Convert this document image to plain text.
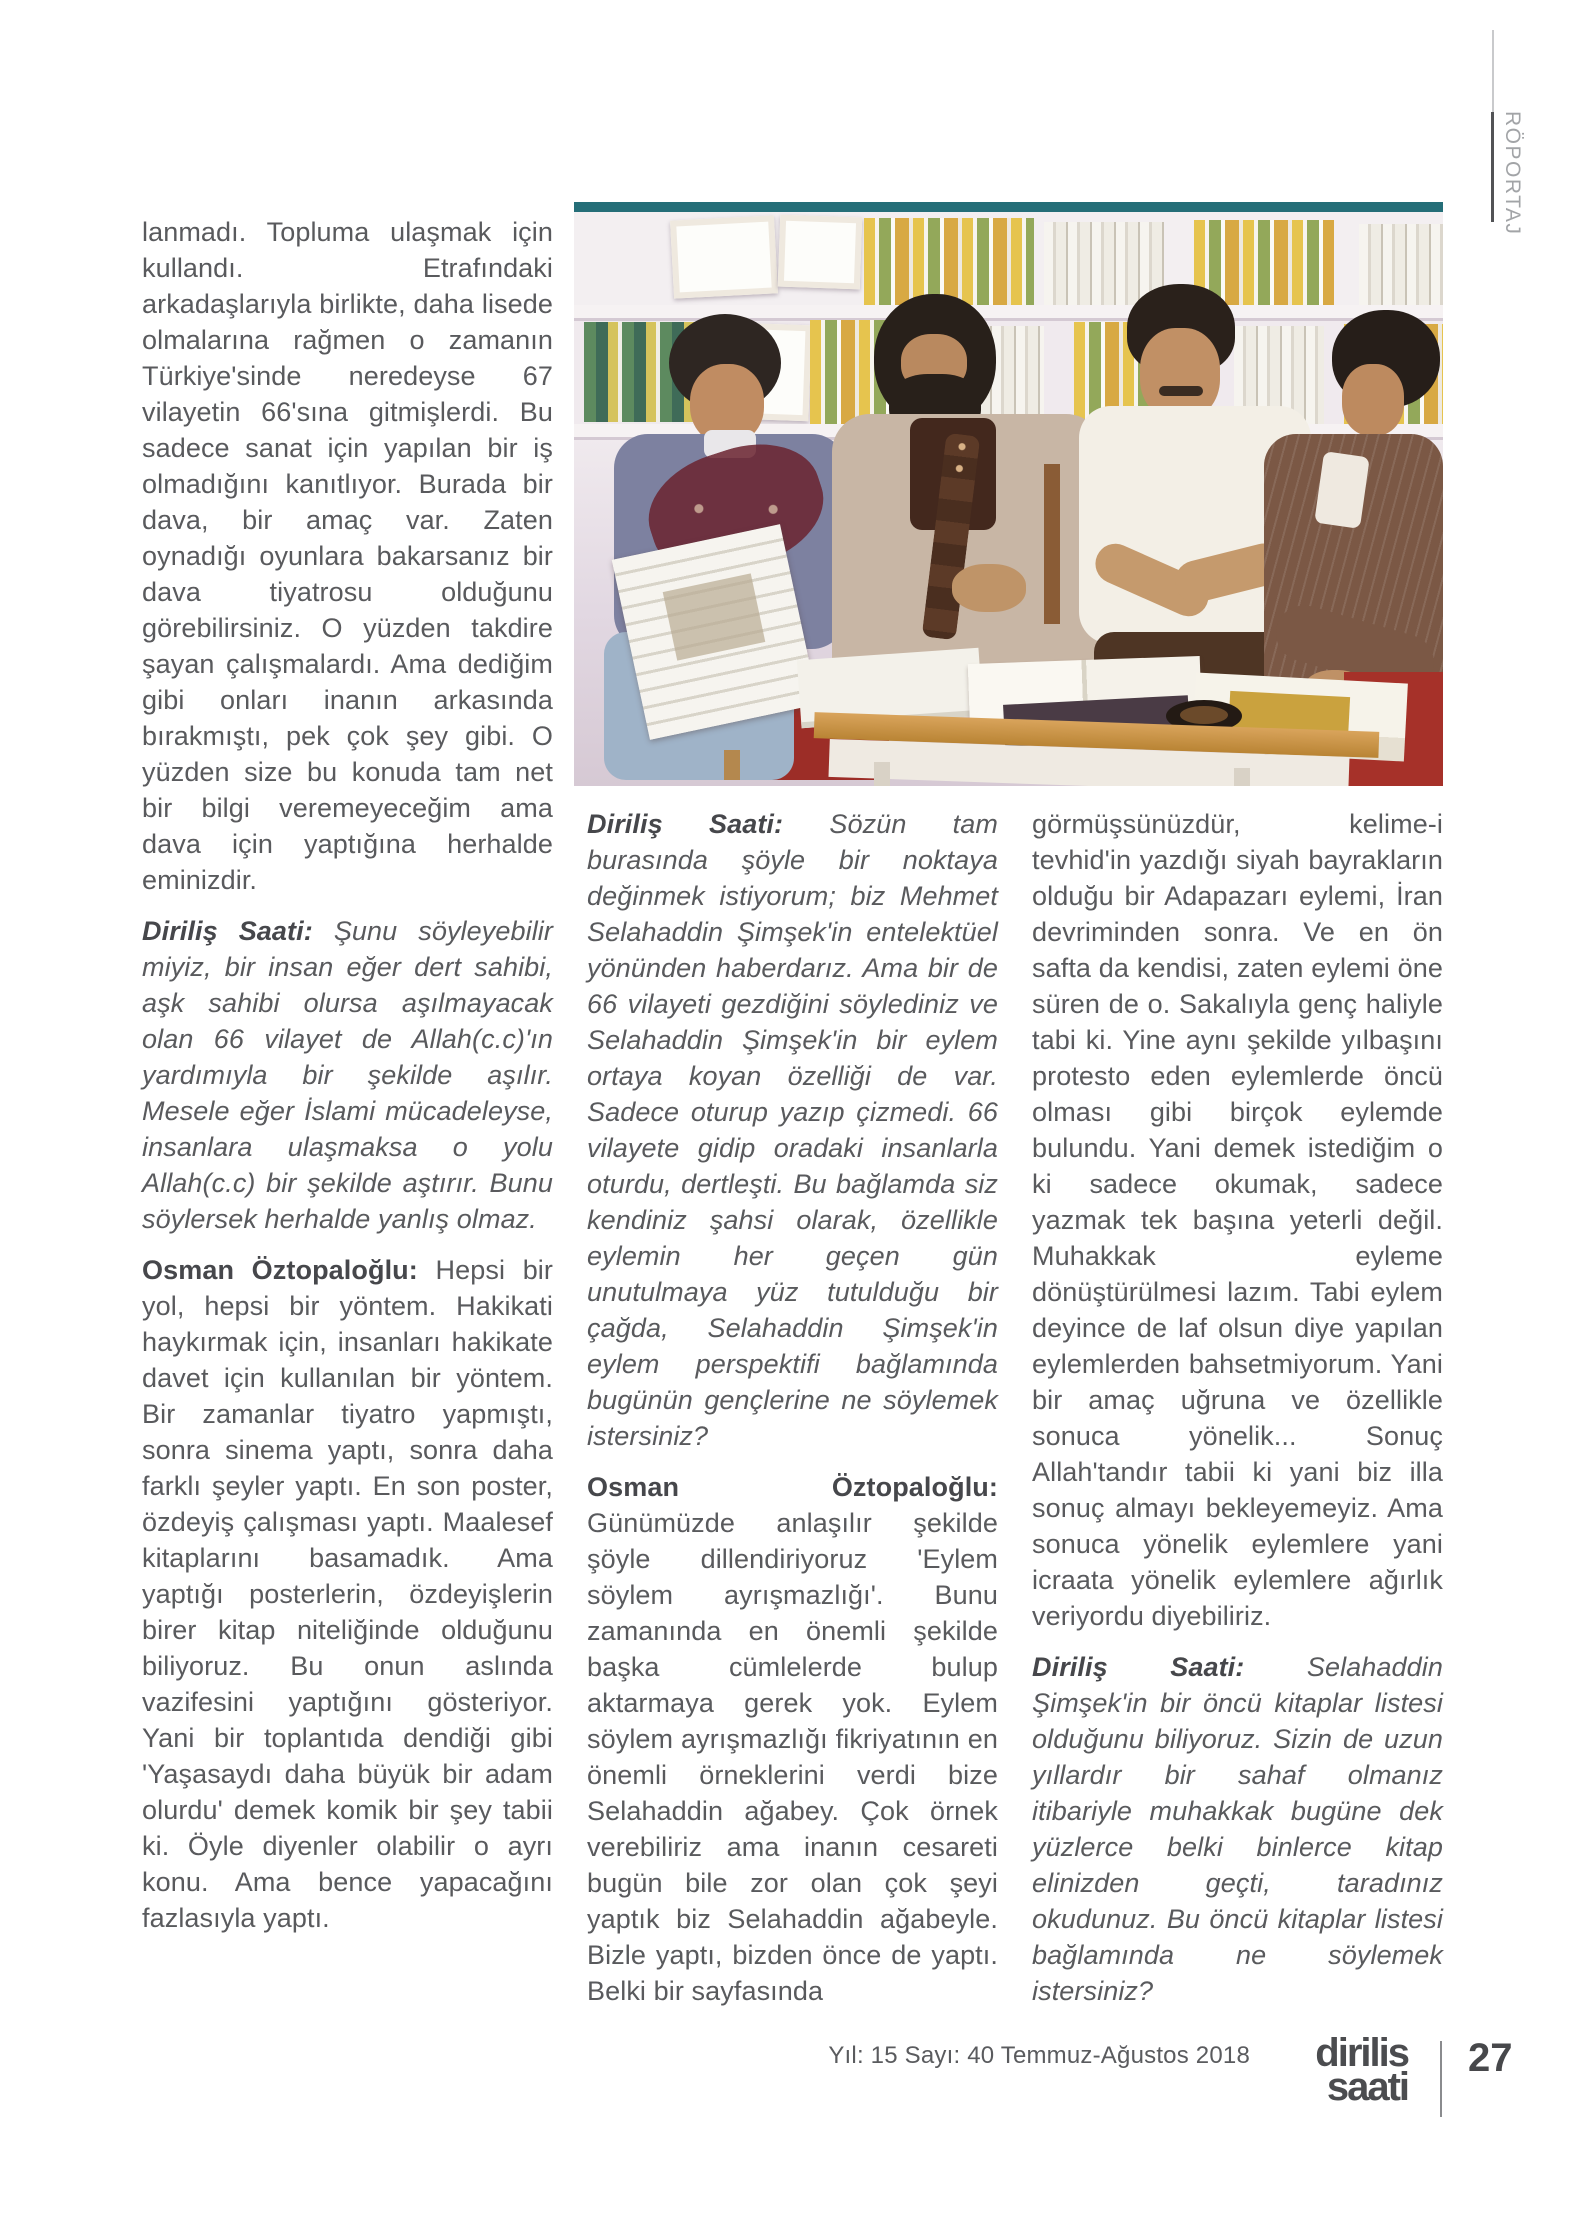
RÖPORTAJ

lanmadı. Topluma ulaşmak için kullandı. Etrafındaki arkadaşlarıyla birlikte, daha lisede olmalarına rağmen o zamanın Türkiye'sinde neredeyse 67 vilayetin 66'sına gitmişlerdi. Bu sadece sanat için yapılan bir iş olmadığını kanıtlıyor. Burada bir dava, bir amaç var. Zaten oynadığı oyunlara bakarsanız bir dava tiyatrosu olduğunu görebilirsiniz. O yüzden takdire şayan çalışmalardı. Ama dediğim gibi onları inanın arkasında bırakmıştı, pek çok şey gibi. O yüzden size bu konuda tam net bir bilgi veremeyeceğim ama dava için yaptığına herhalde eminizdir.

Diriliş Saati: Şunu söyleyebilir miyiz, bir insan eğer dert sahibi, aşk sahibi olursa aşılmayacak olan 66 vilayet de Allah(c.c)'ın yardımıyla bir şekilde aşılır. Mesele eğer İslami mücadeleyse, insanlara ulaşmaksa o yolu Allah(c.c) bir şekilde aştırır. Bunu söylersek herhalde yanlış olmaz.

Osman Öztopaloğlu: Hepsi bir yol, hepsi bir yöntem. Hakikati haykırmak için, insanları hakikate davet için kullanılan bir yöntem. Bir zamanlar tiyatro yapmıştı, sonra sinema yaptı, sonra daha farklı şeyler yaptı. En son poster, özdeyiş çalışması yaptı. Maalesef kitaplarını basamadık. Ama yaptığı posterlerin, özdeyişlerin birer kitap niteliğinde olduğunu biliyoruz. Bu onun aslında vazifesini yaptığını gösteriyor. Yani bir toplantıda dendiği gibi 'Yaşasaydı daha büyük bir adam olurdu' demek komik bir şey tabii ki. Öyle diyenler olabilir o ayrı konu. Ama bence yapacağını fazlasıyla yaptı.

Diriliş Saati: Sözün tam burasında şöyle bir noktaya değinmek istiyorum; biz Mehmet Selahaddin Şimşek'in entelektüel yönünden haberdarız. Ama bir de 66 vilayeti gezdiğini söylediniz ve Selahaddin Şimşek'in bir eylem ortaya koyan özelliği de var. Sadece oturup yazıp çizmedi. 66 vilayete gidip oradaki insanlarla oturdu, dertleşti. Bu bağlamda siz kendiniz şahsi olarak, özellikle eylemin her geçen gün unutulmaya yüz tutulduğu bir çağda, Selahaddin Şimşek'in eylem perspektifi bağlamında bugünün gençlerine ne söylemek istersiniz?

Osman Öztopaloğlu: Günümüzde anlaşılır şekilde şöyle dillendiriyoruz 'Eylem söylem ayrışmazlığı'. Bunu zamanında en önemli şekilde başka cümlelerde bulup aktarmaya gerek yok. Eylem söylem ayrışmazlığı fikriyatının en önemli örneklerini verdi bize Selahaddin ağabey. Çok örnek verebiliriz ama inanın cesareti bugün bile zor olan çok şeyi yaptık biz Selahaddin ağabeyle. Bizle yaptı, bizden önce de yaptı. Belki bir sayfasında

görmüşsünüzdür, kelime-i tevhid'in yazdığı siyah bayrakların olduğu bir Adapazarı eylemi, İran devriminden sonra. Ve en ön safta da kendisi, zaten eylemi öne süren de o. Sakalıyla genç haliyle tabi ki. Yine aynı şekilde yılbaşını protesto eden eylemlerde öncü olması gibi birçok eylemde bulundu. Yani demek istediğim o ki sadece okumak, sadece yazmak tek başına yeterli değil. Muhakkak eyleme dönüştürülmesi lazım. Tabi eylem deyince de laf olsun diye yapılan eylemlerden bahsetmiyorum. Yani bir amaç uğruna ve özellikle sonuca yönelik... Sonuç Allah'tandır tabii ki yani biz illa sonuç almayı bekleyemeyiz. Ama sonuca yönelik eylemlere yani icraata yönelik eylemlere ağırlık veriyordu diyebiliriz.

Diriliş Saati: Selahaddin Şimşek'in bir öncü kitaplar listesi olduğunu biliyoruz. Sizin de uzun yıllardır bir sahaf olmanız itibariyle muhakkak bugüne dek yüzlerce belki binlerce kitap elinizden geçti, taradınız okudunuz. Bu öncü kitaplar listesi bağlamında ne söylemek istersiniz?

Yıl: 15 Sayı: 40 Temmuz-Ağustos 2018 dirilis
saati
27
